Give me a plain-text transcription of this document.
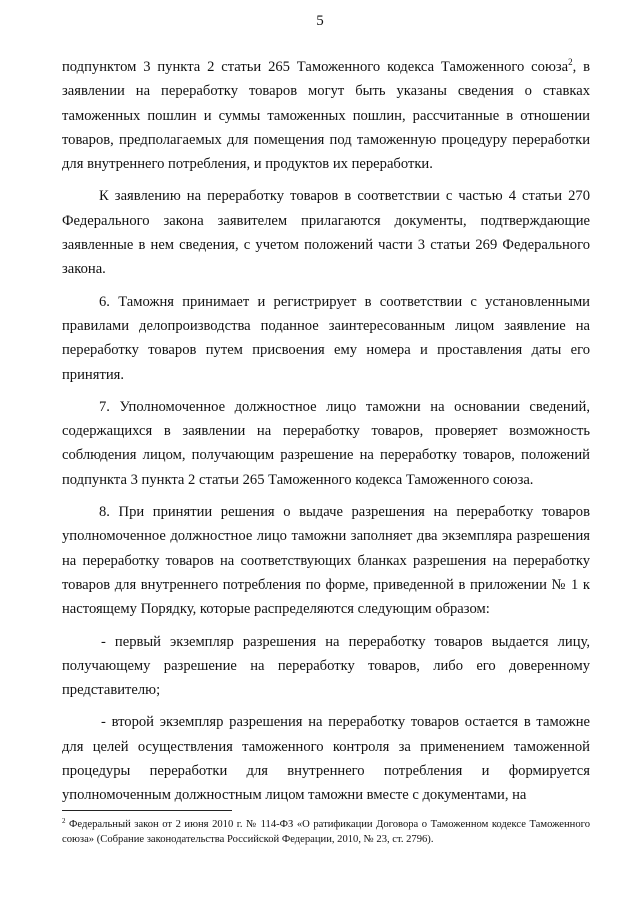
5

подпунктом 3 пункта 2 статьи 265 Таможенного кодекса Таможенного союза$^2$, в заявлении на переработку товаров могут быть указаны сведения о ставках таможенных пошлин и суммы таможенных пошлин, рассчитанные в отношении товаров, предполагаемых для помещения под таможенную процедуру переработки для внутреннего потребления, и продуктов их переработки.

К заявлению на переработку товаров в соответствии с частью 4 статьи 270 Федерального закона заявителем прилагаются документы, подтверждающие заявленные в нем сведения, с учетом положений части 3 статьи 269 Федерального закона.

6. Таможня принимает и регистрирует в соответствии с установленными правилами делопроизводства поданное заинтересованным лицом заявление на переработку товаров путем присвоения ему номера и проставления даты его принятия.

7. Уполномоченное должностное лицо таможни на основании сведений, содержащихся в заявлении на переработку товаров, проверяет возможность соблюдения лицом, получающим разрешение на переработку товаров, положений подпункта 3 пункта 2 статьи 265 Таможенного кодекса Таможенного союза.

8. При принятии решения о выдаче разрешения на переработку товаров уполномоченное должностное лицо таможни заполняет два экземпляра разрешения на переработку товаров на соответствующих бланках разрешения на переработку товаров для внутреннего потребления по форме, приведенной в приложении № 1 к настоящему Порядку, которые распределяются следующим образом:

- первый экземпляр разрешения на переработку товаров выдается лицу, получающему разрешение на переработку товаров, либо его доверенному представителю;

- второй экземпляр разрешения на переработку товаров остается в таможне для целей осуществления таможенного контроля за применением таможенной процедуры переработки для внутреннего потребления и формируется уполномоченным должностным лицом таможни вместе с документами, на

$^2$ Федеральный закон от 2 июня 2010 г. № 114-ФЗ «О ратификации Договора о Таможенном кодексе Таможенного союза» (Собрание законодательства Российской Федерации, 2010, № 23, ст. 2796).
